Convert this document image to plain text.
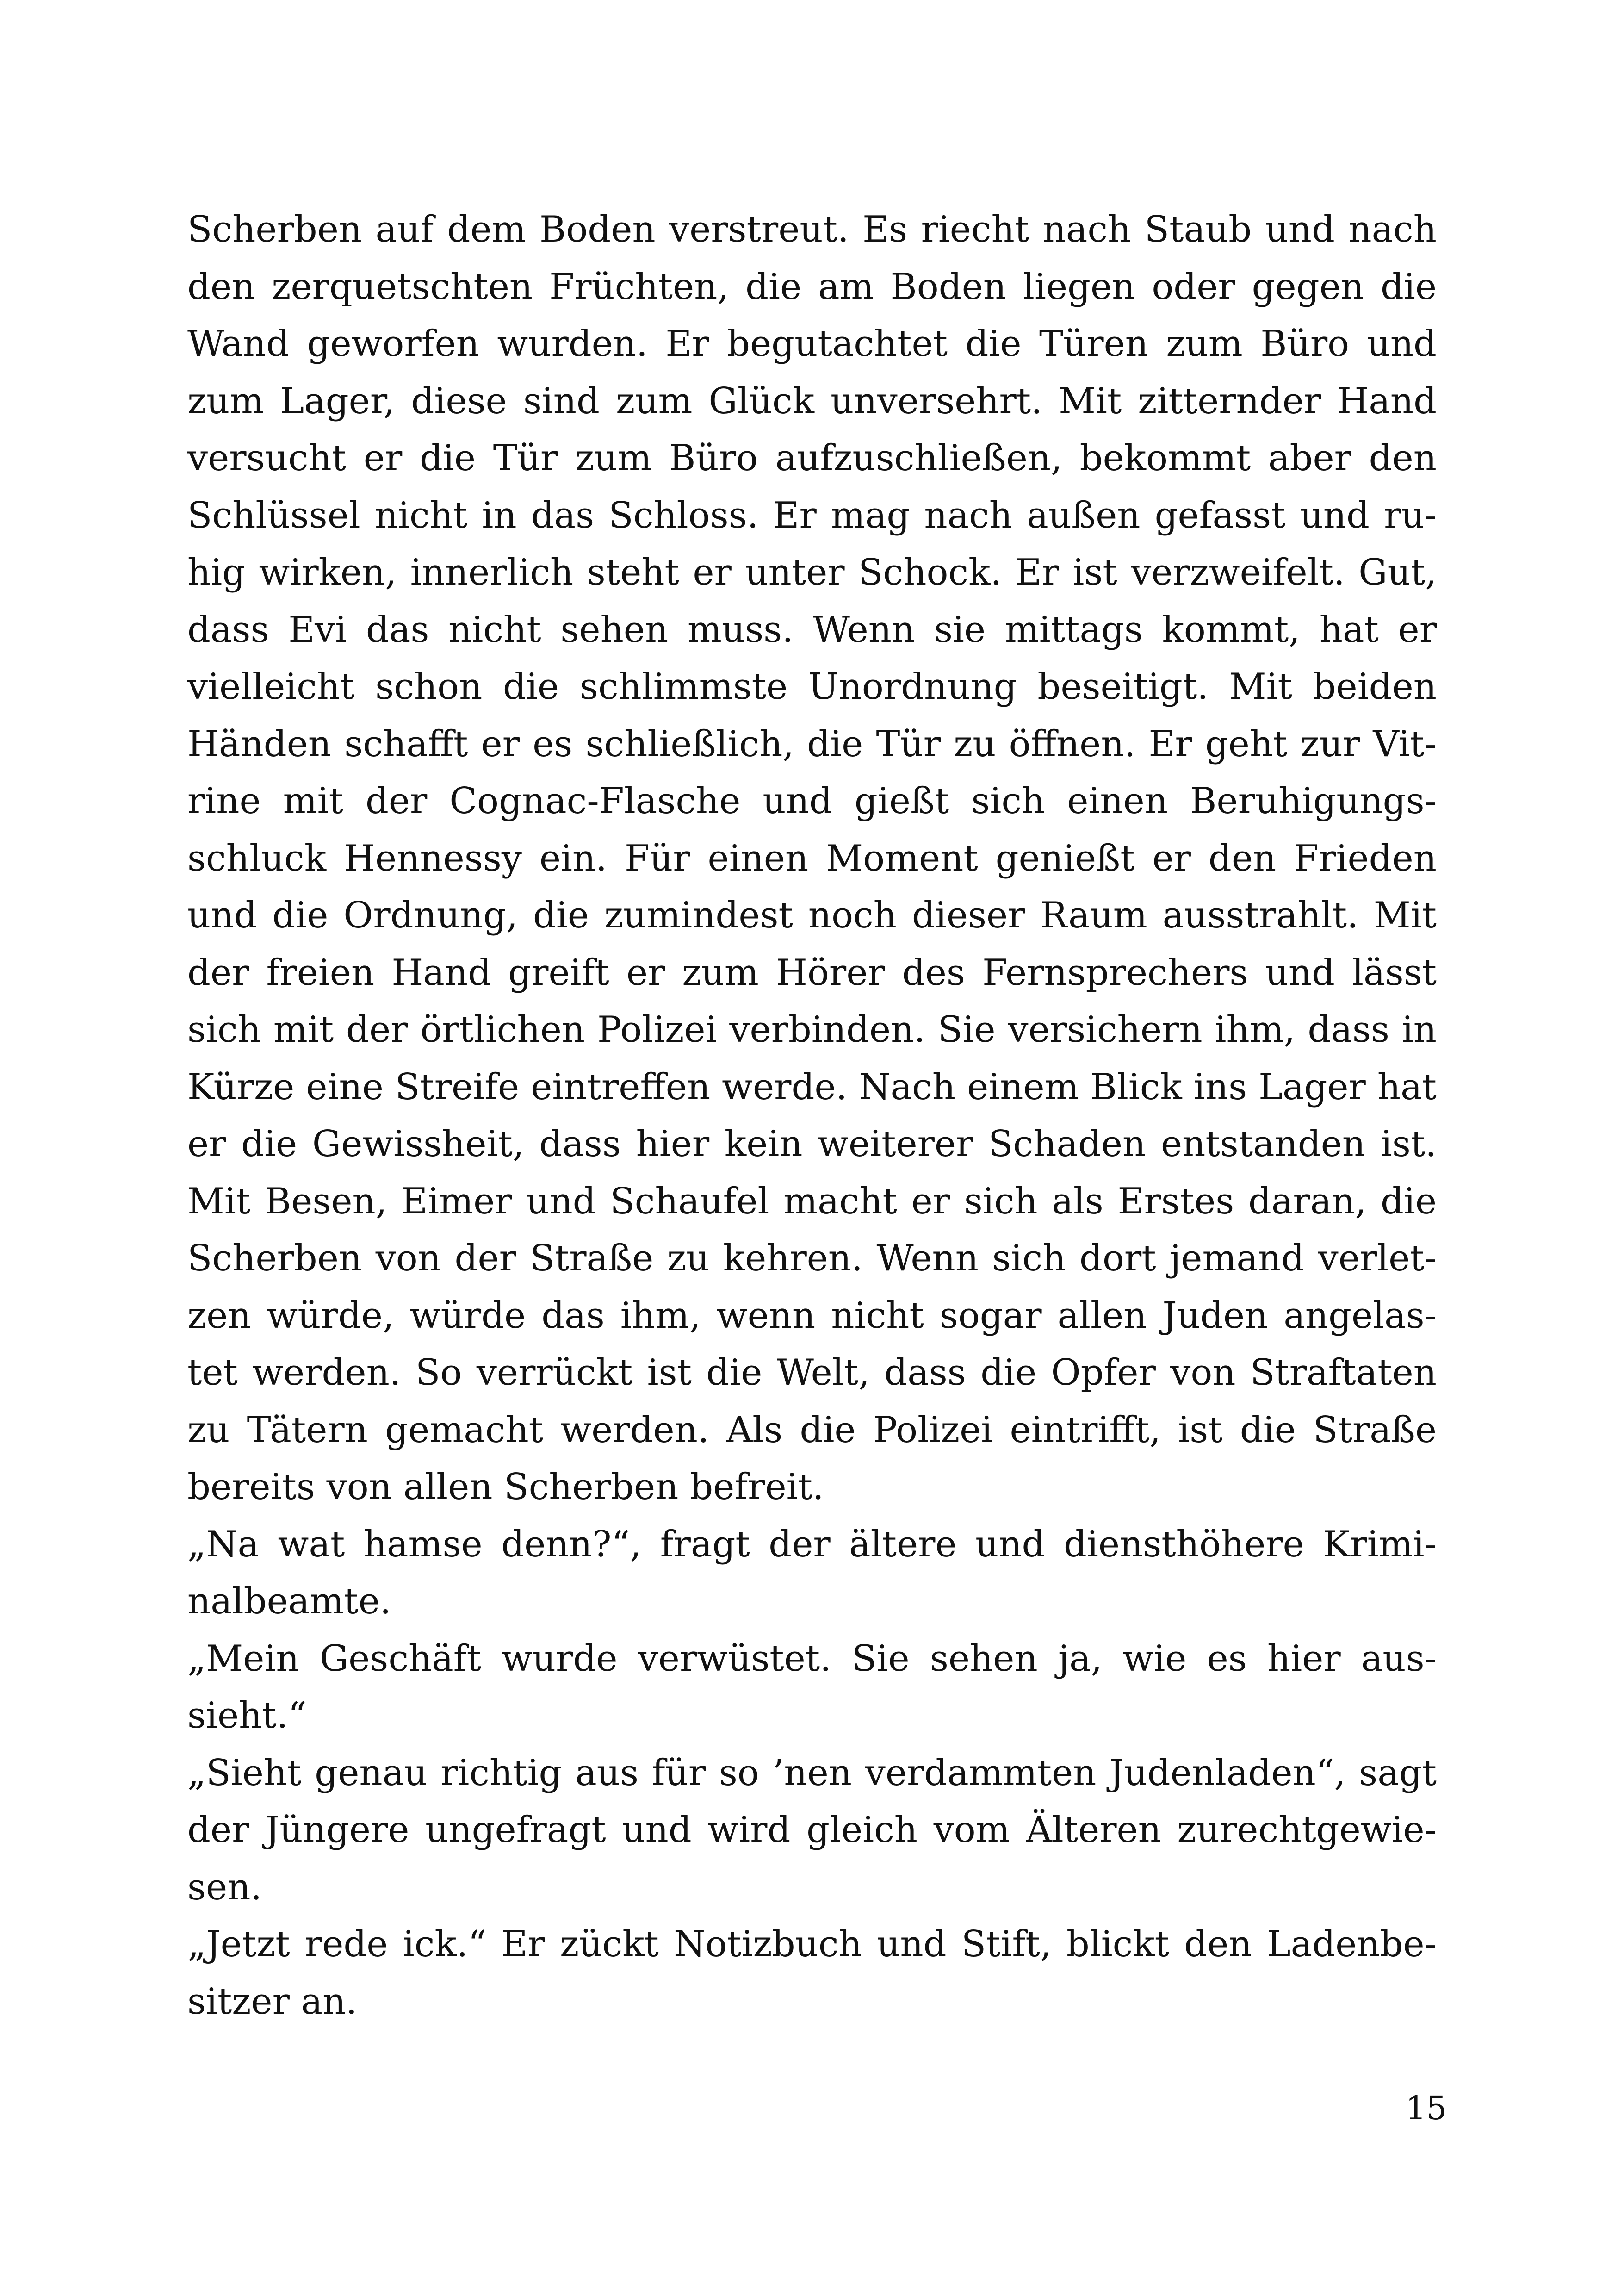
Scherben auf dem Boden verstreut. Es riecht nach Staub und nach
den zerquetschten Früchten, die am Boden liegen oder gegen die
Wand geworfen wurden. Er begutachtet die Türen zum Büro und
zum Lager, diese sind zum Glück unversehrt. Mit zitternder Hand
versucht er die Tür zum Büro aufzuschließen, bekommt aber den
Schlüssel nicht in das Schloss. Er mag nach außen gefasst und ru-
hig wirken, innerlich steht er unter Schock. Er ist verzweifelt. Gut,
dass Evi das nicht sehen muss. Wenn sie mittags kommt, hat er
vielleicht schon die schlimmste Unordnung beseitigt. Mit beiden
Händen schafft er es schließlich, die Tür zu öffnen. Er geht zur Vit-
rine mit der Cognac-Flasche und gießt sich einen Beruhigungs-
schluck Hennessy ein. Für einen Moment genießt er den Frieden
und die Ordnung, die zumindest noch dieser Raum ausstrahlt. Mit
der freien Hand greift er zum Hörer des Fernsprechers und lässt
sich mit der örtlichen Polizei verbinden. Sie versichern ihm, dass in
Kürze eine Streife eintreffen werde. Nach einem Blick ins Lager hat
er die Gewissheit, dass hier kein weiterer Schaden entstanden ist.
Mit Besen, Eimer und Schaufel macht er sich als Erstes daran, die
Scherben von der Straße zu kehren. Wenn sich dort jemand verlet-
zen würde, würde das ihm, wenn nicht sogar allen Juden angelas-
tet werden. So verrückt ist die Welt, dass die Opfer von Straftaten
zu Tätern gemacht werden. Als die Polizei eintrifft, ist die Straße
bereits von allen Scherben befreit.
„Na wat hamse denn?“, fragt der ältere und diensthöhere Krimi-
nalbeamte.
„Mein Geschäft wurde verwüstet. Sie sehen ja, wie es hier aus-
sieht.“
„Sieht genau richtig aus für so ’nen verdammten Judenladen“, sagt
der Jüngere ungefragt und wird gleich vom Älteren zurechtgewie-
sen.
„Jetzt rede ick.“ Er zückt Notizbuch und Stift, blickt den Ladenbe-
sitzer an.
15
